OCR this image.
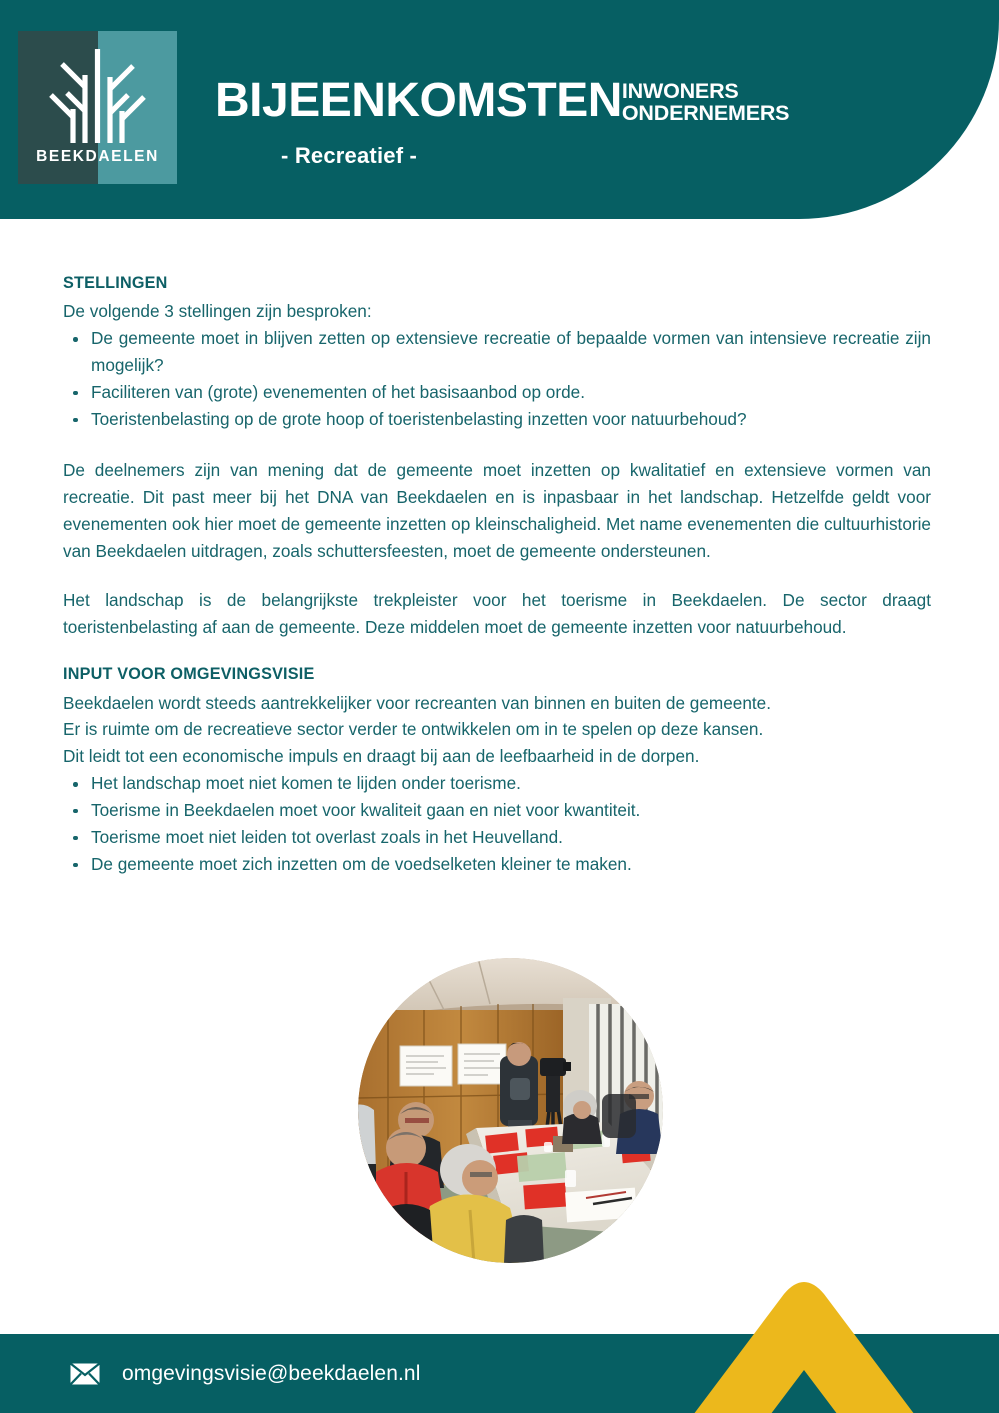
BEEKDAELEN
BIJEENKOMSTEN INWONERS
ONDERNEMERS
- Recreatief -
STELLINGEN
De volgende 3 stellingen zijn besproken:
De gemeente moet in blijven zetten op extensieve recreatie of bepaalde vormen van intensieve recreatie zijn mogelijk?
Faciliteren van (grote) evenementen of het basisaanbod op orde.
Toeristenbelasting op de grote hoop of toeristenbelasting inzetten voor natuurbehoud?
De deelnemers zijn van mening dat de gemeente moet inzetten op kwalitatief en extensieve vormen van recreatie. Dit past meer bij het DNA van Beekdaelen en is inpasbaar in het landschap. Hetzelfde geldt voor evenementen ook hier moet de gemeente inzetten op kleinschaligheid. Met name evenementen die cultuurhistorie van Beekdaelen uitdragen, zoals schuttersfeesten, moet de gemeente ondersteunen.
Het landschap is de belangrijkste trekpleister voor het toerisme in Beekdaelen. De sector draagt toeristenbelasting af aan de gemeente. Deze middelen moet de gemeente inzetten voor natuurbehoud.
INPUT VOOR OMGEVINGSVISIE
Beekdaelen wordt steeds aantrekkelijker voor recreanten van binnen en buiten de gemeente.
Er is ruimte om de recreatieve sector verder te ontwikkelen om in te spelen op deze kansen.
Dit leidt tot een economische impuls en draagt bij aan de leefbaarheid in de dorpen.
Het landschap moet niet komen te lijden onder toerisme.
Toerisme in Beekdaelen moet voor kwaliteit gaan en niet voor kwantiteit.
Toerisme moet niet leiden tot overlast zoals in het Heuvelland.
De gemeente moet zich inzetten om de voedselketen kleiner te maken.
omgevingsvisie@beekdaelen.nl
